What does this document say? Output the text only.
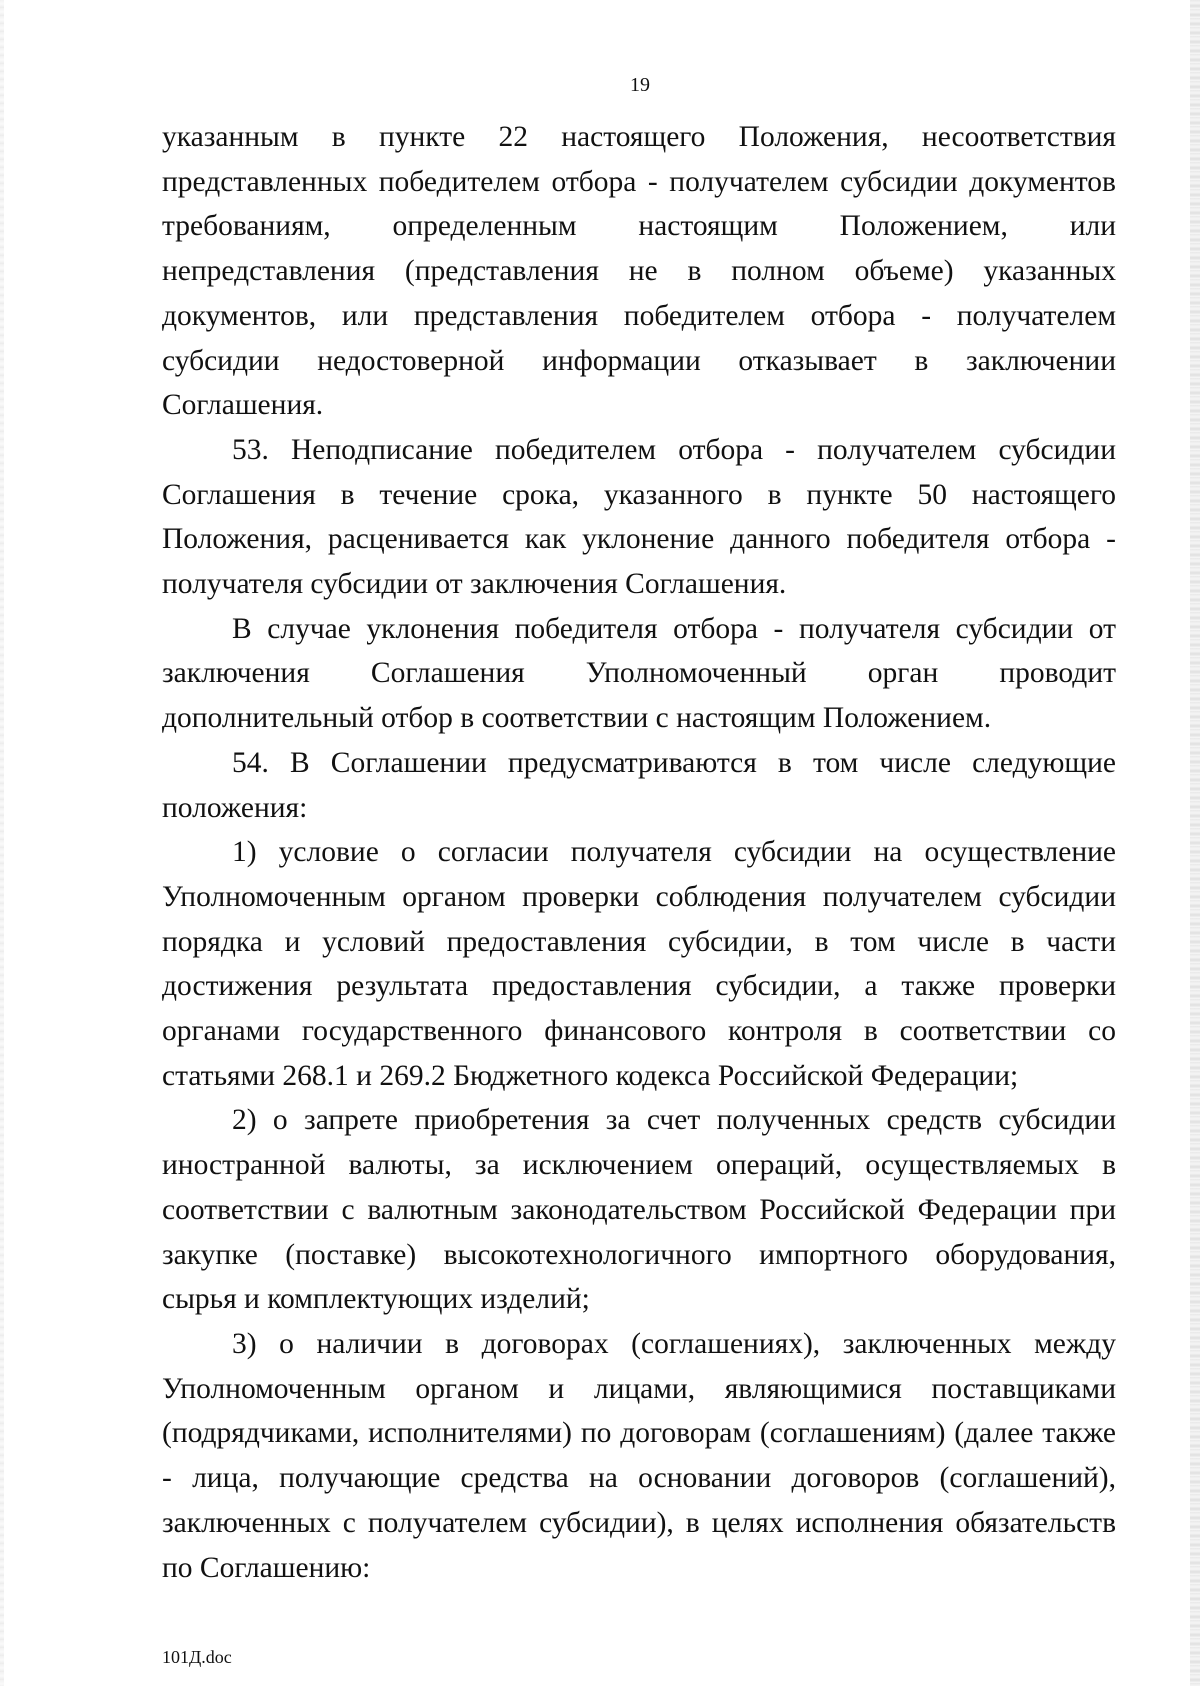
19

указанным в пункте 22 настоящего Положения, несоответствия представленных победителем отбора - получателем субсидии документов требованиям, определенным настоящим Положением, или непредставления (представления не в полном объеме) указанных документов, или представления победителем отбора - получателем субсидии недостоверной информации отказывает в заключении Соглашения.

53. Неподписание победителем отбора - получателем субсидии Соглашения в течение срока, указанного в пункте 50 настоящего Положения, расценивается как уклонение данного победителя отбора - получателя субсидии от заключения Соглашения.

В случае уклонения победителя отбора - получателя субсидии от заключения Соглашения Уполномоченный орган проводит дополнительный отбор в соответствии с настоящим Положением.

54. В Соглашении предусматриваются в том числе следующие положения:

1) условие о согласии получателя субсидии на осуществление Уполномоченным органом проверки соблюдения получателем субсидии порядка и условий предоставления субсидии, в том числе в части достижения результата предоставления субсидии, а также проверки органами государственного финансового контроля в соответствии со статьями 268.1 и 269.2 Бюджетного кодекса Российской Федерации;

2) о запрете приобретения за счет полученных средств субсидии иностранной валюты, за исключением операций, осуществляемых в соответствии с валютным законодательством Российской Федерации при закупке (поставке) высокотехнологичного импортного оборудования, сырья и комплектующих изделий;

3) о наличии в договорах (соглашениях), заключенных между Уполномоченным органом и лицами, являющимися поставщиками (подрядчиками, исполнителями) по договорам (соглашениям) (далее также - лица, получающие средства на основании договоров (соглашений), заключенных с получателем субсидии), в целях исполнения обязательств по Соглашению:

101Д.doc
